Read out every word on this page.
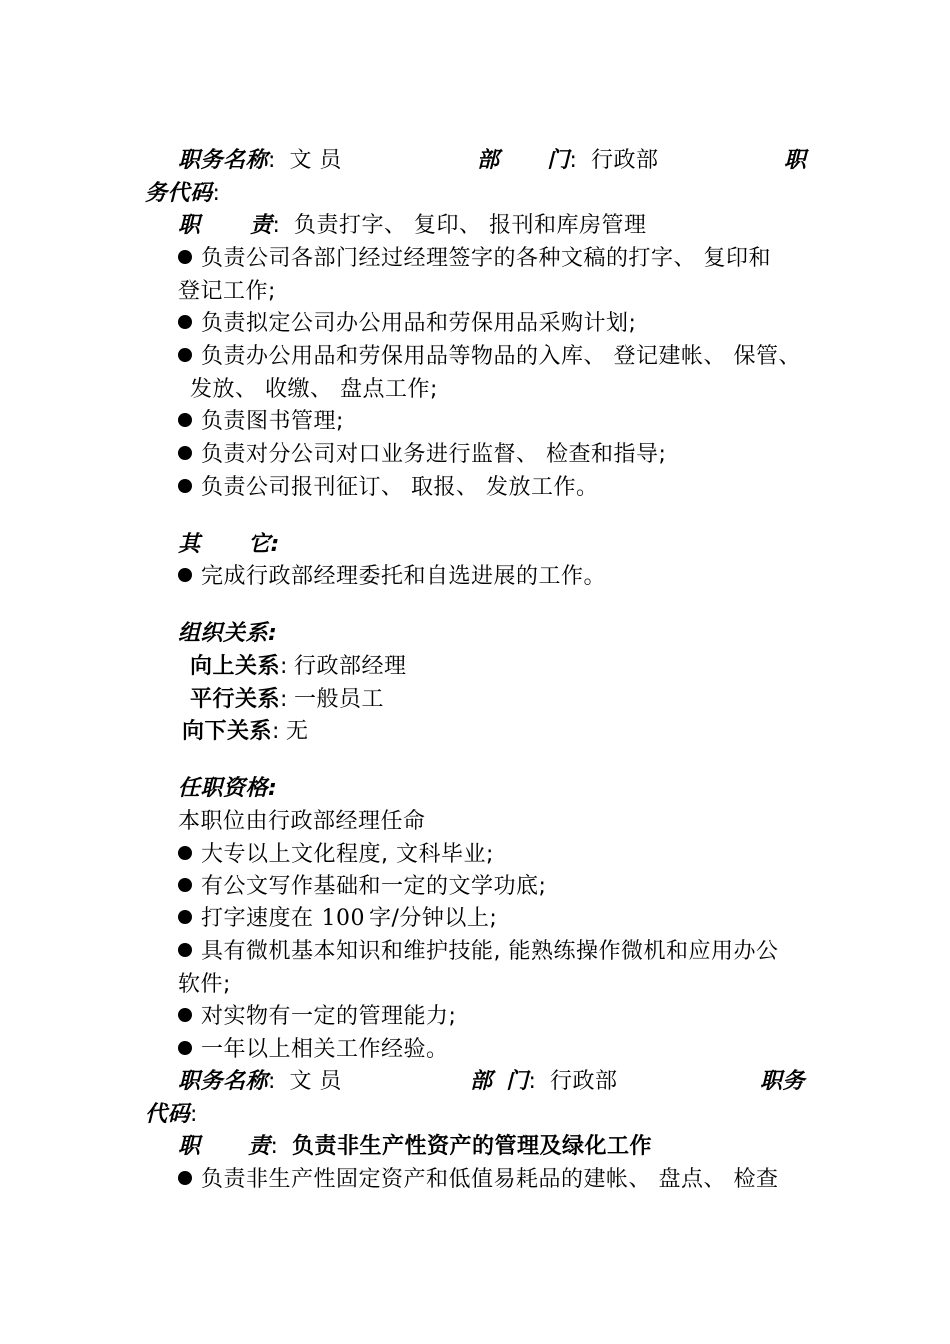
职务名称: 文 员	部 门: 行政部	职
务代码:
职 责: 负责打字、 复印、 报刊和库房管理
负责公司各部门经过经理签字的各种文稿的打字、 复印和
登记工作;
负责拟定公司办公用品和劳保用品采购计划;
负责办公用品和劳保用品等物品的入库、 登记建帐、 保管、
发放、 收缴、 盘点工作;
负责图书管理;
负责对分公司对口业务进行监督、 检查和指导;
负责公司报刊征订、 取报、 发放工作。
其 它:
完成行政部经理委托和自选进展的工作。
组织关系:
向上关系: 行政部经理
平行关系: 一般员工
向下关系: 无
任职资格:
本职位由行政部经理任命
大专以上文化程度, 文科毕业;
有公文写作基础和一定的文学功底;
打字速度在 100 字/分钟以上;
具有微机基本知识和维护技能, 能熟练操作微机和应用办公
软件;
对实物有一定的管理能力;
一年以上相关工作经验。
职务名称: 文 员	部 门: 行政部	职务
代码:
职 责: 负责非生产性资产的管理及绿化工作
负责非生产性固定资产和低值易耗品的建帐、 盘点、 检查
